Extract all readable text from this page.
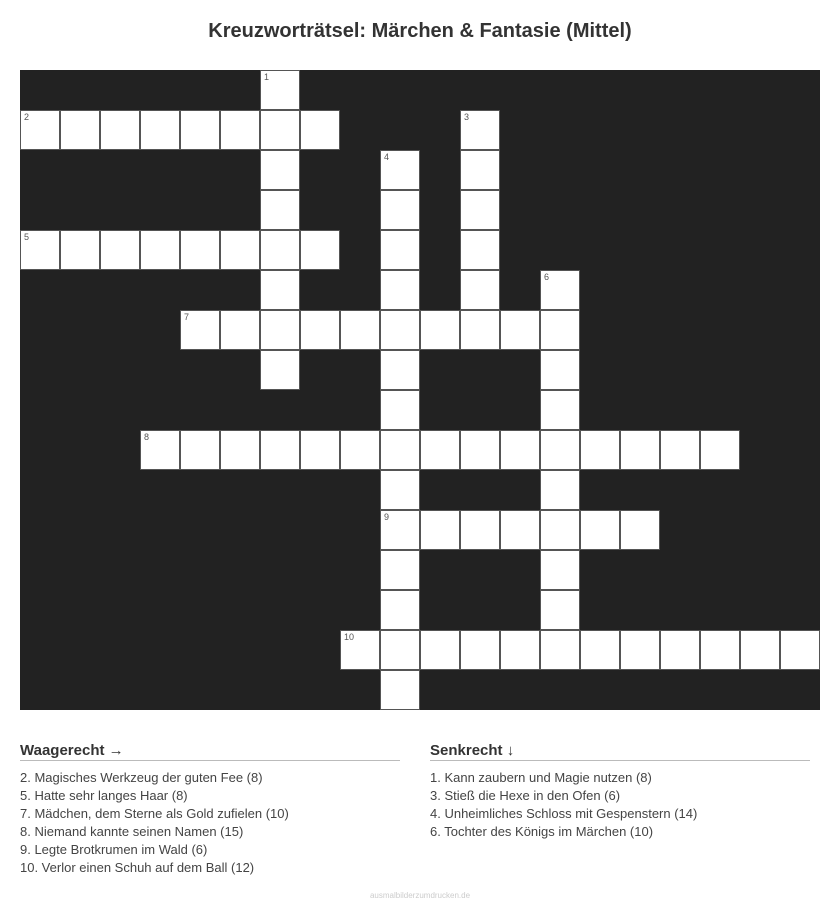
Kreuzworträtsel: Märchen & Fantasie (Mittel)
1
2	3
4
5
6
7
8
9
10
Waagerecht →
2. Magisches Werkzeug der guten Fee (8)
5. Hatte sehr langes Haar (8)
7. Mädchen, dem Sterne als Gold zufielen (10)
8. Niemand kannte seinen Namen (15)
9. Legte Brotkrumen im Wald (6)
10. Verlor einen Schuh auf dem Ball (12)
Senkrecht ↓
1. Kann zaubern und Magie nutzen (8)
3. Stieß die Hexe in den Ofen (6)
4. Unheimliches Schloss mit Gespenstern (14)
6. Tochter des Königs im Märchen (10)
ausmalbilderzumdrucken.de
